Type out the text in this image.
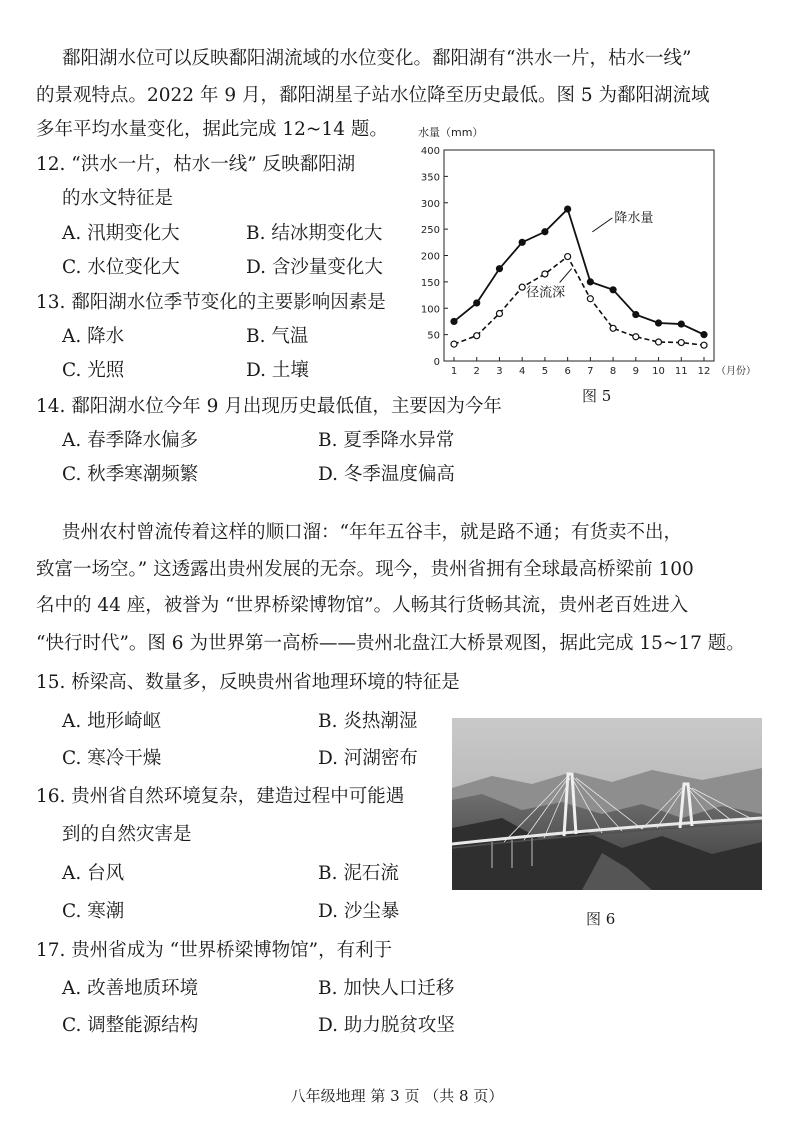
鄱阳湖水位可以反映鄱阳湖流域的水位变化。鄱阳湖有“洪水一片，枯水一线”

的景观特点。2022 年 9 月，鄱阳湖星子站水位降至历史最低。图 5 为鄱阳湖流域

多年平均水量变化，据此完成 12~14 题。

12. “洪水一片，枯水一线” 反映鄱阳湖

的水文特征是

A. 汛期变化大	B. 结冰期变化大

C. 水位变化大	D. 含沙量变化大

13. 鄱阳湖水位季节变化的主要影响因素是

A. 降水	B. 气温

C. 光照	D. 土壤	0
50
100
150
200
250
300
350
400
1 2 3 4 5 6 7 8 9 10 11 12
水量（mm）
（月份）
降水量
径流深

图 5

14. 鄱阳湖水位今年 9 月出现历史最低值，主要因为今年

A. 春季降水偏多	B. 夏季降水异常

C. 秋季寒潮频繁	D. 冬季温度偏高

贵州农村曾流传着这样的顺口溜：“年年五谷丰，就是路不通；有货卖不出，

致富一场空。” 这透露出贵州发展的无奈。现今，贵州省拥有全球最高桥梁前 100

名中的 44 座，被誉为 “世界桥梁博物馆”。人畅其行货畅其流，贵州老百姓进入

“快行时代”。图 6 为世界第一高桥——贵州北盘江大桥景观图，据此完成 15~17 题。

15. 桥梁高、数量多，反映贵州省地理环境的特征是

A. 地形崎岖	B. 炎热潮湿

C. 寒冷干燥	D. 河湖密布

16. 贵州省自然环境复杂，建造过程中可能遇

到的自然灾害是

A. 台风	B. 泥石流

C. 寒潮	D. 沙尘暴	图 6

17. 贵州省成为 “世界桥梁博物馆”，有利于

A. 改善地质环境	B. 加快人口迁移

C. 调整能源结构	D. 助力脱贫攻坚

八年级地理 第 3 页 （共 8 页）
